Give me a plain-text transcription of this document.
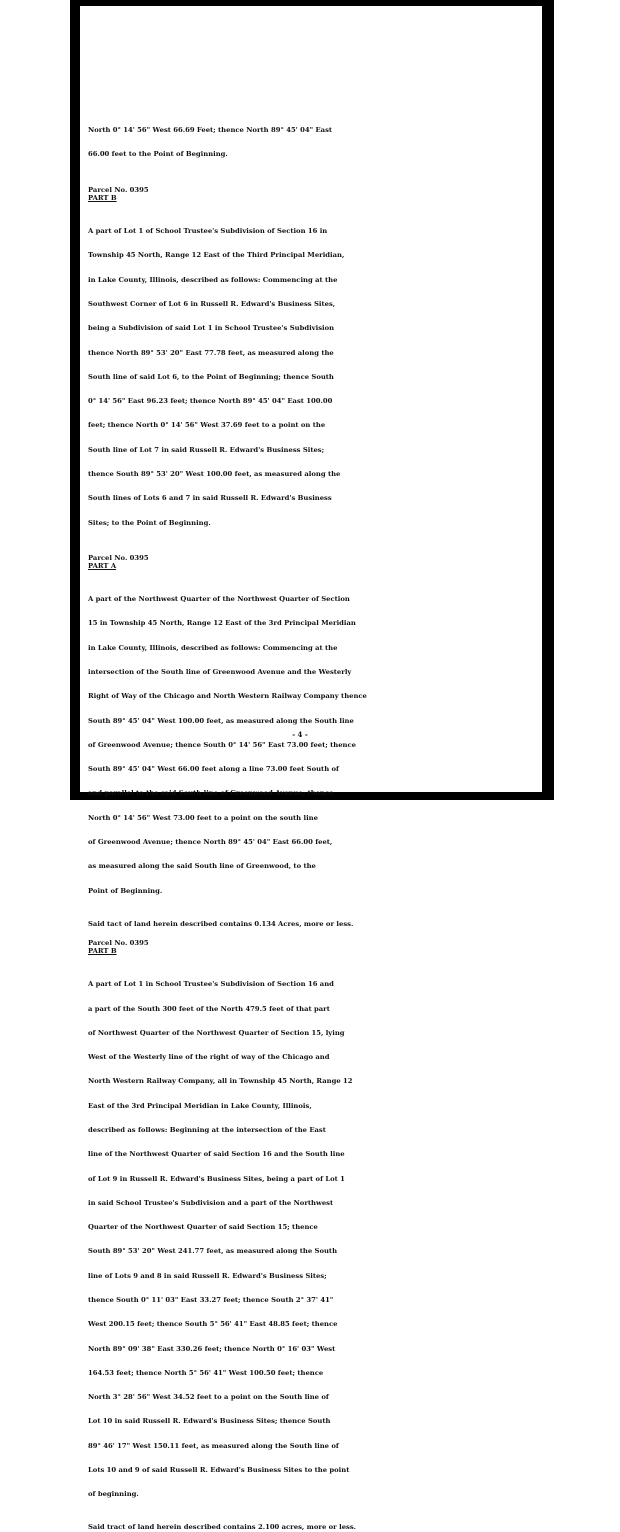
North 0° 14' 56" West 66.69 Feet; thence North 89° 45' 04" East

66.00 feet to the Point of Beginning.

Parcel No. 0395
PART B

A part of Lot 1 of School Trustee's Subdivision of Section 16 in

Township 45 North, Range 12 East of the Third Principal Meridian,

in Lake County, Illinois, described as follows: Commencing at the

Southwest Corner of Lot 6 in Russell R. Edward's Business Sites,

being a Subdivision of said Lot 1 in School Trustee's Subdivision

thence North 89° 53' 20" East 77.78 feet, as measured along the

South line of said Lot 6, to the Point of Beginning; thence South

0° 14' 56" East 96.23 feet; thence North 89° 45' 04" East 100.00

feet; thence North 0° 14' 56" West 37.69 feet to a point on the

South line of Lot 7 in said Russell R. Edward's Business Sites;

thence South 89° 53' 20" West 100.00 feet, as measured along the

South lines of Lots 6 and 7 in said Russell R. Edward's Business

Sites; to the Point of Beginning.

Parcel No. 0395
PART A

A part of the Northwest Quarter of the Northwest Quarter of Section

15 in Township 45 North, Range 12 East of the 3rd Principal Meridian

in Lake County, Illinois, described as follows: Commencing at the

intersection of the South line of Greenwood Avenue and the Westerly

Right of Way of the Chicago and North Western Railway Company thence

South 89° 45' 04" West 100.00 feet, as measured along the South line

of Greenwood Avenue; thence South 0° 14' 56" East 73.00 feet; thence

South 89° 45' 04" West 66.00 feet along a line 73.00 feet South of

and parallel to the said South line of Greenwood Avenue; thence

North 0° 14' 56" West 73.00 feet to a point on the south line

of Greenwood Avenue; thence North 89° 45' 04" East 66.00 feet,

as measured along the said South line of Greenwood, to the

Point of Beginning.

Said tact of land herein described contains 0.134 Acres, more or less.
Parcel No. 0395
PART B

A part of Lot 1 in School Trustee's Subdivision of Section 16 and

a part of the South 300 feet of the North 479.5 feet of that part

of Northwest Quarter of the Northwest Quarter of Section 15, lying

West of the Westerly line of the right of way of the Chicago and

North Western Railway Company, all in Township 45 North, Range 12

East of the 3rd Principal Meridian in Lake County, Illinois,

described as follows: Beginning at the intersection of the East

line of the Northwest Quarter of said Section 16 and the South line

of Lot 9 in Russell R. Edward's Business Sites, being a part of Lot 1

in said School Trustee's Subdivision and a part of the Northwest

Quarter of the Northwest Quarter of said Section 15; thence

South 89° 53' 20" West 241.77 feet, as measured along the South

line of Lots 9 and 8 in said Russell R. Edward's Business Sites;

thence South 0° 11' 03" East 33.27 feet; thence South 2° 37' 41"

West 200.15 feet; thence South 5° 56' 41" East 48.85 feet; thence

North 89° 09' 38" East 330.26 feet; thence North 0° 16' 03" West

164.53 feet; thence North 5° 56' 41" West 100.50 feet; thence

North 3° 28' 56" West 34.52 feet to a point on the South line of

Lot 10 in said Russell R. Edward's Business Sites; thence South

89° 46' 17" West 150.11 feet, as measured along the South line of

Lots 10 and 9 of said Russell R. Edward's Business Sites to the point

of beginning.

Said tract of land herein described contains 2.100 acres, more or less.
- 4 -
